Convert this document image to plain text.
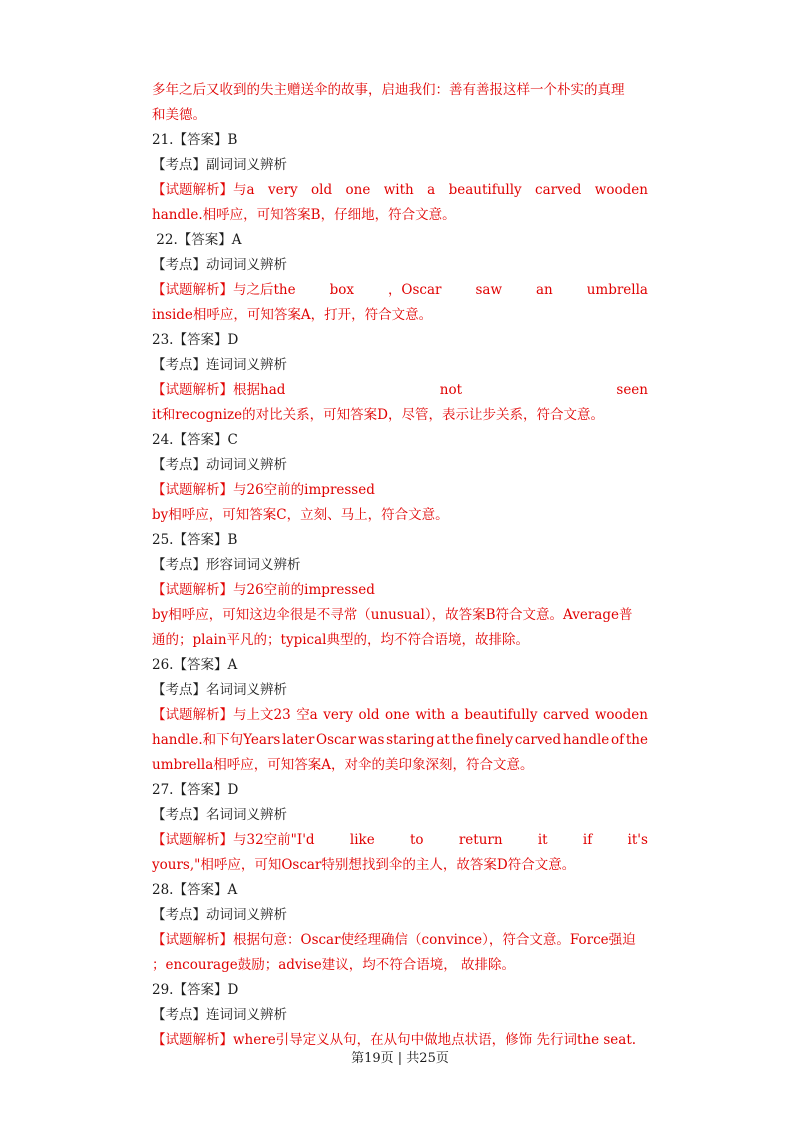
多年之后又收到的失主赠送伞的故事，启迪我们：善有善报这样一个朴实的真理
和美德。
21.【答案】B
【考点】副词词义辨析
【试题解析】与a very old one with a beautifully carved wooden
handle.相呼应，可知答案B，仔细地，符合文意。
22.【答案】A
【考点】动词词义辨析
【试题解析】与之后the	box	，Oscar	saw	an	umbrella
inside相呼应，可知答案A，打开，符合文意。
23.【答案】D
【考点】连词词义辨析
【试题解析】根据had	not	seen
it和recognize的对比关系，可知答案D，尽管，表示让步关系，符合文意。
24.【答案】C
【考点】动词词义辨析
【试题解析】与26空前的impressed
by相呼应，可知答案C，立刻、马上，符合文意。
25.【答案】B
【考点】形容词词义辨析
【试题解析】与26空前的impressed
by相呼应，可知这边伞很是不寻常（unusual），故答案B符合文意。Average普
通的；plain平凡的；typical典型的，均不符合语境，故排除。
26.【答案】A
【考点】名词词义辨析
【试题解析】与上文23 空a very old one with a beautifully carved wooden
handle.和下句Years later Oscar was staring at the finely carved handle of the
umbrella相呼应，可知答案A，对伞的美印象深刻，符合文意。
27.【答案】D
【考点】名词词义辨析
【试题解析】与32空前"I'd	like	to	return	it	if	it's
yours,"相呼应，可知Oscar特别想找到伞的主人，故答案D符合文意。
28.【答案】A
【考点】动词词义辨析
【试题解析】根据句意：Oscar使经理确信（convince），符合文意。Force强迫
；encourage鼓励；advise建议，均不符合语境， 故排除。
29.【答案】D
【考点】连词词义辨析
【试题解析】where引导定义从句，在从句中做地点状语，修饰 先行词the seat.
第19页 | 共25页
